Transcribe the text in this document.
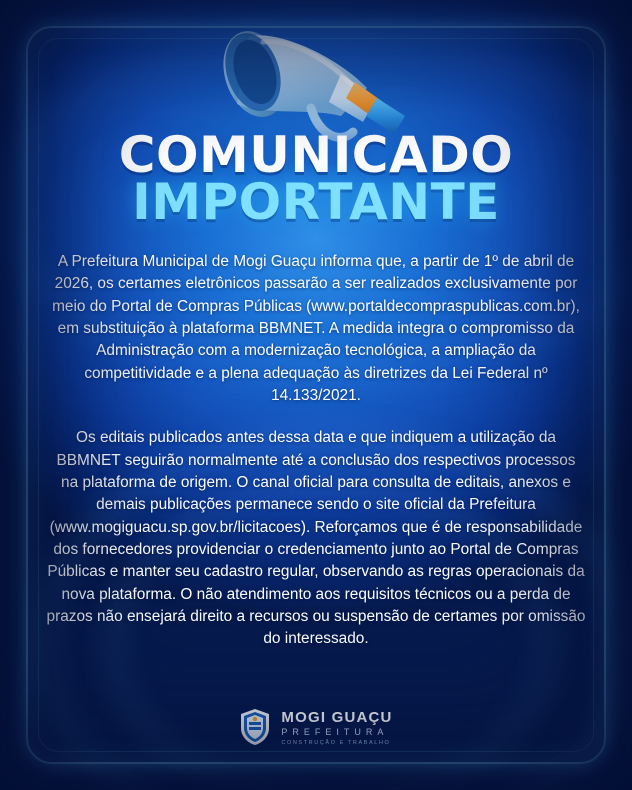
COMUNICADO
IMPORTANTE

A Prefeitura Municipal de Mogi Guaçu informa que, a partir de 1º de abril de 2026, os certames eletrônicos passarão a ser realizados exclusivamente por meio do Portal de Compras Públicas (www.portaldecompraspublicas.com.br), em substituição à plataforma BBMNET. A medida integra o compromisso da Administração com a modernização tecnológica, a ampliação da competitividade e a plena adequação às diretrizes da Lei Federal nº 14.133/2021.

Os editais publicados antes dessa data e que indiquem a utilização da BBMNET seguirão normalmente até a conclusão dos respectivos processos na plataforma de origem. O canal oficial para consulta de editais, anexos e demais publicações permanece sendo o site oficial da Prefeitura (www.mogiguacu.sp.gov.br/licitacoes). Reforçamos que é de responsabilidade dos fornecedores providenciar o credenciamento junto ao Portal de Compras Públicas e manter seu cadastro regular, observando as regras operacionais da nova plataforma. O não atendimento aos requisitos técnicos ou a perda de prazos não ensejará direito a recursos ou suspensão de certames por omissão do interessado.

MOGI GUAÇU
PREFEITURA
CONSTRUÇÃO E TRABALHO
